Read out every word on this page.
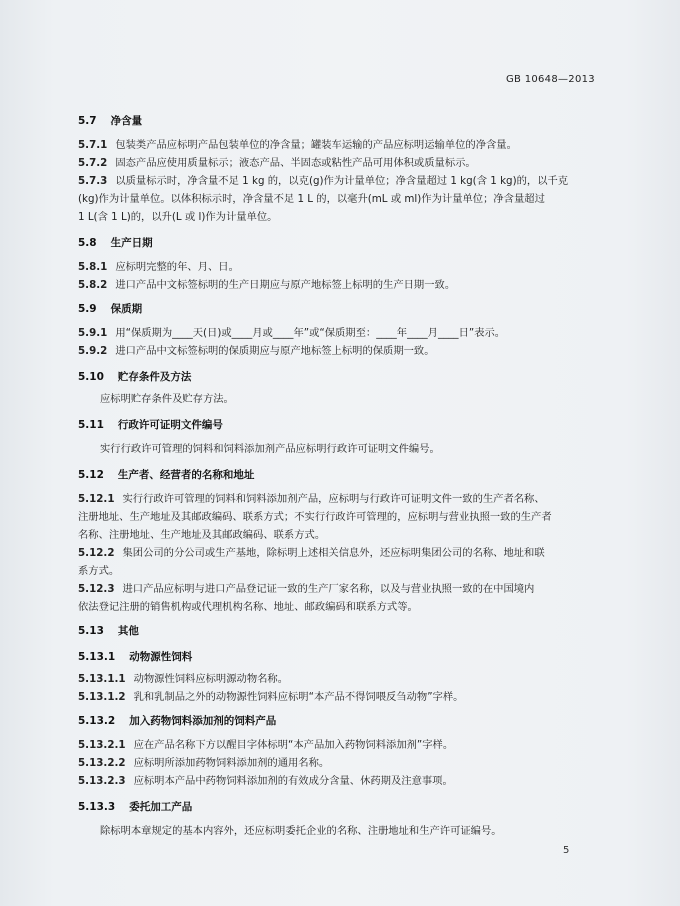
GB 10648—2013
5.7 净含量
5.7.1 包装类产品应标明产品包装单位的净含量；罐装车运输的产品应标明运输单位的净含量。
5.7.2 固态产品应使用质量标示；液态产品、半固态或粘性产品可用体积或质量标示。
5.7.3 以质量标示时，净含量不足 1 kg 的，以克(g)作为计量单位；净含量超过 1 kg(含 1 kg)的，以千克
(kg)作为计量单位。以体积标示时，净含量不足 1 L 的，以毫升(mL 或 ml)作为计量单位；净含量超过
1 L(含 1 L)的，以升(L 或 l)作为计量单位。
5.8 生产日期
5.8.1 应标明完整的年、月、日。
5.8.2 进口产品中文标签标明的生产日期应与原产地标签上标明的生产日期一致。
5.9 保质期
5.9.1 用“保质期为____天(日)或____月或____年”或“保质期至：____年____月____日”表示。
5.9.2 进口产品中文标签标明的保质期应与原产地标签上标明的保质期一致。
5.10 贮存条件及方法
应标明贮存条件及贮存方法。
5.11 行政许可证明文件编号
实行行政许可管理的饲料和饲料添加剂产品应标明行政许可证明文件编号。
5.12 生产者、经营者的名称和地址
5.12.1 实行行政许可管理的饲料和饲料添加剂产品，应标明与行政许可证明文件一致的生产者名称、
注册地址、生产地址及其邮政编码、联系方式；不实行行政许可管理的，应标明与营业执照一致的生产者
名称、注册地址、生产地址及其邮政编码、联系方式。
5.12.2 集团公司的分公司或生产基地，除标明上述相关信息外，还应标明集团公司的名称、地址和联
系方式。
5.12.3 进口产品应标明与进口产品登记证一致的生产厂家名称，以及与营业执照一致的在中国境内
依法登记注册的销售机构或代理机构名称、地址、邮政编码和联系方式等。
5.13 其他
5.13.1 动物源性饲料
5.13.1.1 动物源性饲料应标明源动物名称。
5.13.1.2 乳和乳制品之外的动物源性饲料应标明“本产品不得饲喂反刍动物”字样。
5.13.2 加入药物饲料添加剂的饲料产品
5.13.2.1 应在产品名称下方以醒目字体标明“本产品加入药物饲料添加剂”字样。
5.13.2.2 应标明所添加药物饲料添加剂的通用名称。
5.13.2.3 应标明本产品中药物饲料添加剂的有效成分含量、休药期及注意事项。
5.13.3 委托加工产品
除标明本章规定的基本内容外，还应标明委托企业的名称、注册地址和生产许可证编号。
5
